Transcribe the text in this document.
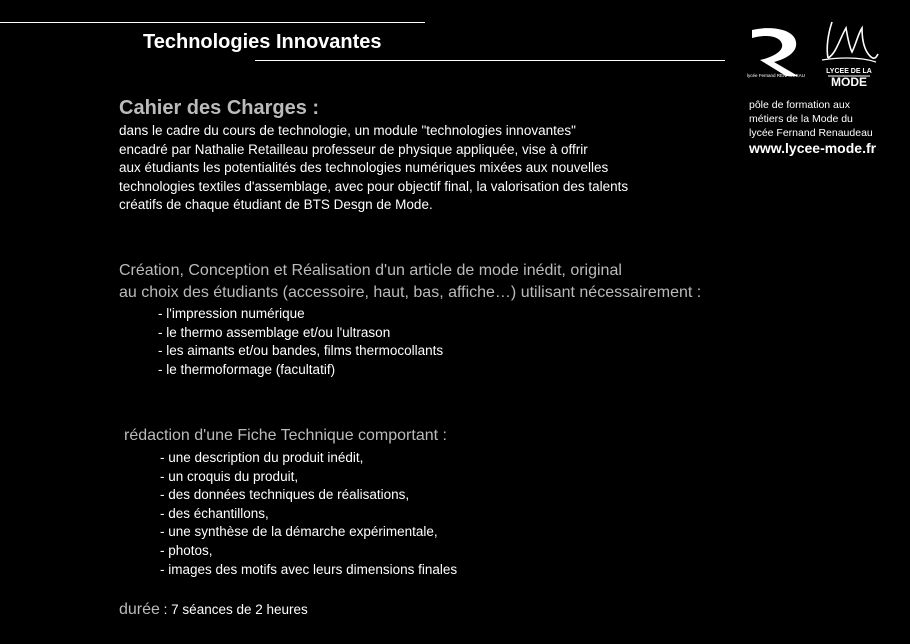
Technologies Innovantes
lycée Fernand RENAUDEAU
LYCEE DE LA
MODE
pôle de formation aux
métiers de la Mode du
lycée Fernand Renaudeau
www.lycee-mode.fr
Cahier des Charges :
dans le cadre du cours de technologie, un module "technologies innovantes"
encadré par Nathalie Retailleau professeur de physique appliquée, vise à offrir
aux étudiants les potentialités des technologies numériques mixées aux nouvelles
technologies textiles d'assemblage, avec pour objectif final, la valorisation des talents
créatifs de chaque étudiant de BTS Desgn de Mode.
Création, Conception et Réalisation d'un article de mode inédit, original
au choix des étudiants (accessoire, haut, bas, affiche…) utilisant nécessairement :
- l'impression numérique
- le thermo assemblage et/ou l'ultrason
- les aimants et/ou bandes, films thermocollants
- le thermoformage (facultatif)
rédaction d'une Fiche Technique comportant :
- une description du produit inédit,
- un croquis du produit,
- des données techniques de réalisations,
- des échantillons,
- une synthèse de la démarche expérimentale,
- photos,
- images des motifs avec leurs dimensions finales
durée : 7 séances de 2 heures
